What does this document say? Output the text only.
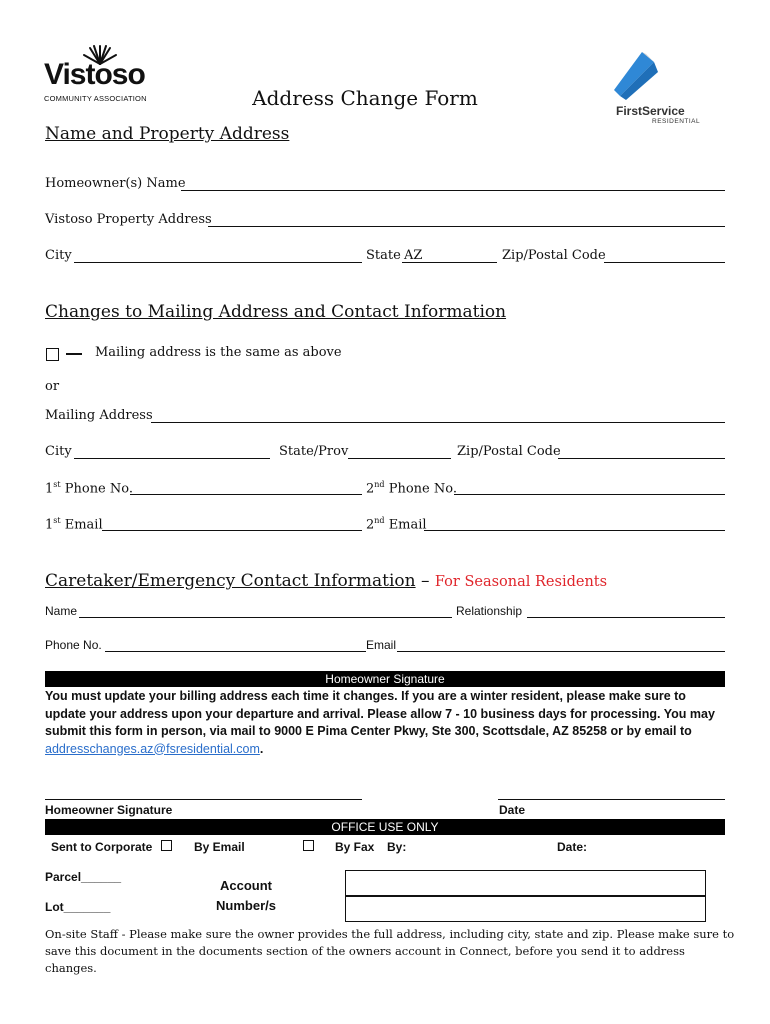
Vistoso
COMMUNITY ASSOCIATION
FirstService
RESIDENTIAL
Address Change Form
Name and Property Address
Homeowner(s) Name
Vistoso Property Address
City	State AZ	Zip/Postal Code
Changes to Mailing Address and Contact Information
Mailing address is the same as above
or
Mailing Address
City	State/Prov	Zip/Postal Code
1st Phone No.	2nd Phone No.
1st Email	2nd Email
Caretaker/Emergency Contact Information – For Seasonal Residents
Name	Relationship
Phone No.	Email
Homeowner Signature
You must update your billing address each time it changes. If you are a winter resident, please make sure to update your address upon your departure and arrival. Please allow 7 - 10 business days for processing. You may submit this form in person, via mail to 9000 E Pima Center Pkwy, Ste 300, Scottsdale, AZ 85258 or by email to addresschanges.az@fsresidential.com.
Homeowner Signature	Date
OFFICE USE ONLY
Sent to Corporate	By Email	By Fax By:	Date:
Parcel______
Lot_______
Account
Number/s
On-site Staff - Please make sure the owner provides the full address, including city, state and zip. Please make sure to save this document in the documents section of the owners account in Connect, before you send it to address changes.
